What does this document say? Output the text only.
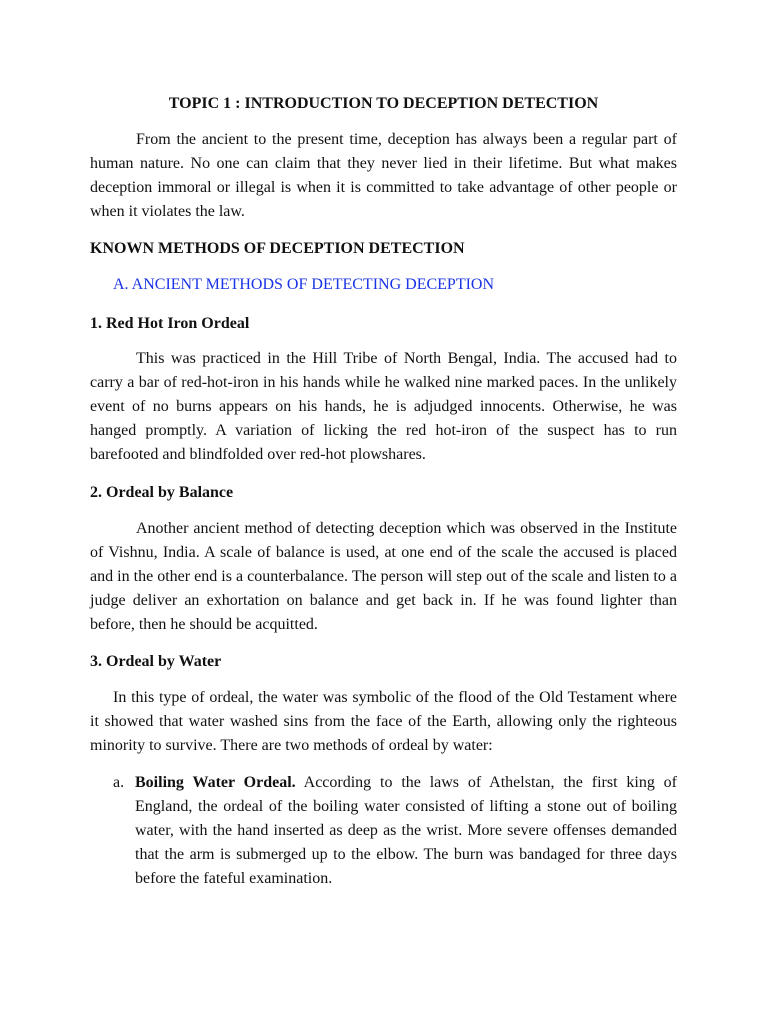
TOPIC 1 : INTRODUCTION TO DECEPTION DETECTION
From the ancient to the present time, deception has always been a regular part of human nature. No one can claim that they never lied in their lifetime. But what makes deception immoral or illegal is when it is committed to take advantage of other people or when it violates the law.
KNOWN METHODS OF DECEPTION DETECTION
A. ANCIENT METHODS OF DETECTING DECEPTION
1. Red Hot Iron Ordeal
This was practiced in the Hill Tribe of North Bengal, India. The accused had to carry a bar of red-hot-iron in his hands while he walked nine marked paces. In the unlikely event of no burns appears on his hands, he is adjudged innocents. Otherwise, he was hanged promptly. A variation of licking the red hot-iron of the suspect has to run barefooted and blindfolded over red-hot plowshares.
2. Ordeal by Balance
Another ancient method of detecting deception which was observed in the Institute of Vishnu, India. A scale of balance is used, at one end of the scale the accused is placed and in the other end is a counterbalance. The person will step out of the scale and listen to a judge deliver an exhortation on balance and get back in. If he was found lighter than before, then he should be acquitted.
3. Ordeal by Water
In this type of ordeal, the water was symbolic of the flood of the Old Testament where it showed that water washed sins from the face of the Earth, allowing only the righteous minority to survive. There are two methods of ordeal by water:
a. Boiling Water Ordeal. According to the laws of Athelstan, the first king of England, the ordeal of the boiling water consisted of lifting a stone out of boiling water, with the hand inserted as deep as the wrist. More severe offenses demanded that the arm is submerged up to the elbow. The burn was bandaged for three days before the fateful examination.
